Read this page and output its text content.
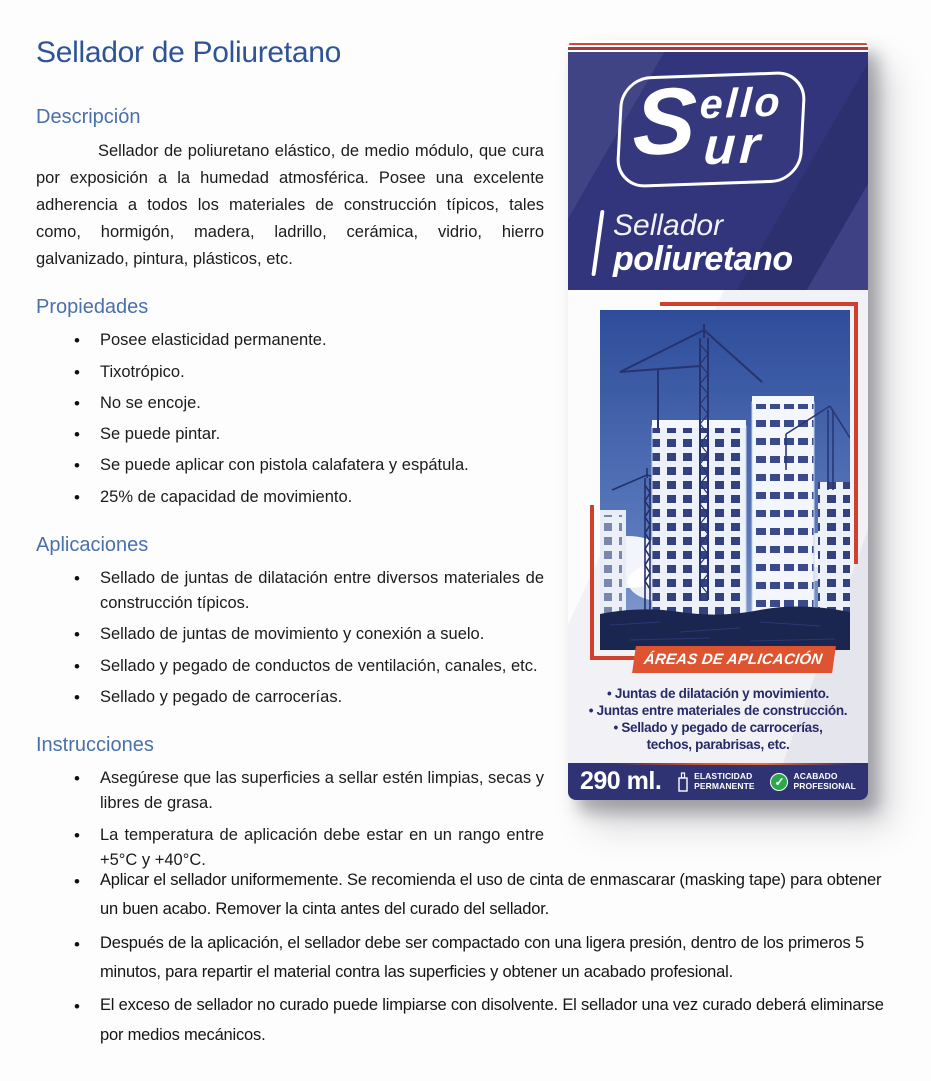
Sellador de Poliuretano
Descripción

Sellador de poliuretano elástico, de medio módulo, que cura por exposición a la humedad atmosférica. Posee una excelente adherencia a todos los materiales de construcción típicos, tales como, hormigón, madera, ladrillo, cerámica, vidrio, hierro galvanizado, pintura, plásticos, etc.

Propiedades
• Posee elasticidad permanente.
• Tixotrópico.
• No se encoje.
• Se puede pintar.
• Se puede aplicar con pistola calafatera y espátula.
• 25% de capacidad de movimiento.
Aplicaciones
• Sellado de juntas de dilatación entre diversos materiales de construcción típicos.
• Sellado de juntas de movimiento y conexión a suelo.
• Sellado y pegado de conductos de ventilación, canales, etc.
• Sellado y pegado de carrocerías.
Instrucciones
• Asegúrese que las superficies a sellar estén limpias, secas y libres de grasa.
• La temperatura de aplicación debe estar en un rango entre +5°C y +40°C.
• Aplicar el sellador uniformemente. Se recomienda el uso de cinta de enmascarar (masking tape) para obtener un buen acabo. Remover la cinta antes del curado del sellador.
• Después de la aplicación, el sellador debe ser compactado con una ligera presión, dentro de los primeros 5 minutos, para repartir el material contra las superficies y obtener un acabado profesional.
• El exceso de sellador no curado puede limpiarse con disolvente. El sellador una vez curado deberá eliminarse por medios mecánicos.
S ello
ur
Sellador
poliuretano
ÁREAS DE APLICACIÓN
• Juntas de dilatación y movimiento.
• Juntas entre materiales de construcción.
• Sellado y pegado de carrocerías,
techos, parabrisas, etc.
290 ml.	ELASTICIDAD
PERMANENTE	✓	ACABADO
PROFESIONAL
